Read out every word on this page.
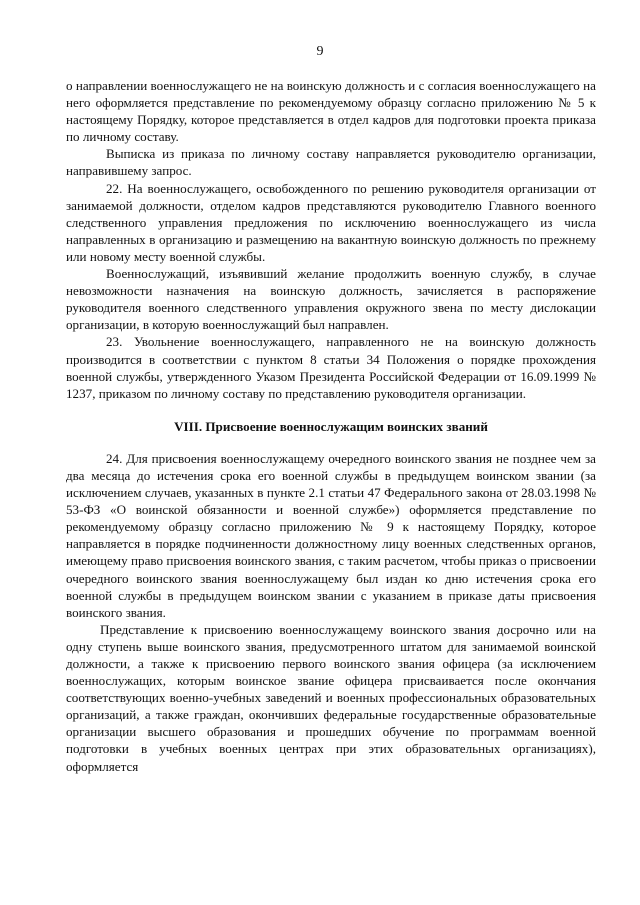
9

о направлении военнослужащего не на воинскую должность и с согласия военнослужащего на него оформляется представление по рекомендуемому образцу согласно приложению № 5 к настоящему Порядку, которое представляется в отдел кадров для подготовки проекта приказа по личному составу.

Выписка из приказа по личному составу направляется руководителю организации, направившему запрос.

22. На военнослужащего, освобожденного по решению руководителя организации от занимаемой должности, отделом кадров представляются руководителю Главного военного следственного управления предложения по исключению военнослужащего из числа направленных в организацию и размещению на вакантную воинскую должность по прежнему или новому месту военной службы.

Военнослужащий, изъявивший желание продолжить военную службу, в случае невозможности назначения на воинскую должность, зачисляется в распоряжение руководителя военного следственного управления окружного звена по месту дислокации организации, в которую военнослужащий был направлен.

23. Увольнение военнослужащего, направленного не на воинскую должность производится в соответствии с пунктом 8 статьи 34 Положения о порядке прохождения военной службы, утвержденного Указом Президента Российской Федерации от 16.09.1999 № 1237, приказом по личному составу по представлению руководителя организации.

VIII. Присвоение военнослужащим воинских званий

24. Для присвоения военнослужащему очередного воинского звания не позднее чем за два месяца до истечения срока его военной службы в предыдущем воинском звании (за исключением случаев, указанных в пункте 2.1 статьи 47 Федерального закона от 28.03.1998 № 53-ФЗ «О воинской обязанности и военной службе») оформляется представление по рекомендуемому образцу согласно приложению № 9 к настоящему Порядку, которое направляется в порядке подчиненности должностному лицу военных следственных органов, имеющему право присвоения воинского звания, с таким расчетом, чтобы приказ о присвоении очередного воинского звания военнослужащему был издан ко дню истечения срока его военной службы в предыдущем воинском звании с указанием в приказе даты присвоения воинского звания.

Представление к присвоению военнослужащему воинского звания досрочно или на одну ступень выше воинского звания, предусмотренного штатом для занимаемой воинской должности, а также к присвоению первого воинского звания офицера (за исключением военнослужащих, которым воинское звание офицера присваивается после окончания соответствующих военно-учебных заведений и военных профессиональных образовательных организаций, а также граждан, окончивших федеральные государственные образовательные организации высшего образования и прошедших обучение по программам военной подготовки в учебных военных центрах при этих образовательных организациях), оформляется
